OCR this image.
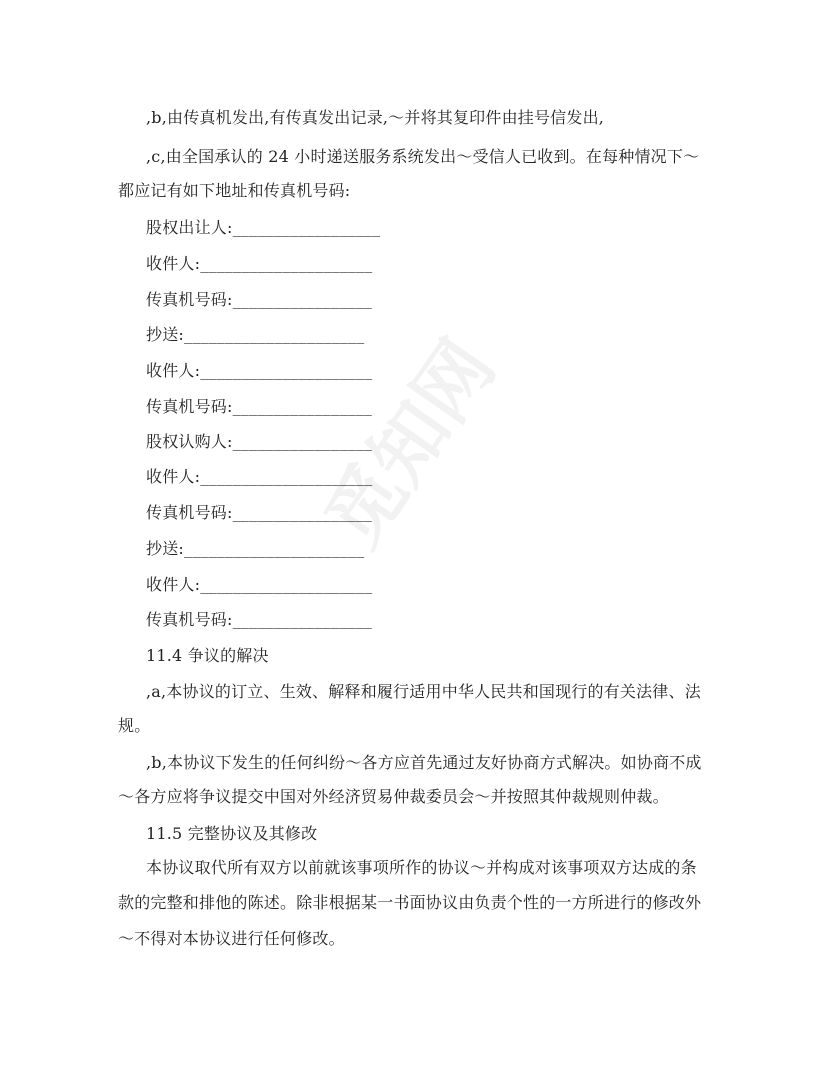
觅知网
,b,由传真机发出,有传真发出记录,～并将其复印件由挂号信发出,
,c,由全国承认的 24 小时递送服务系统发出～受信人已收到。在每种情况下～
都应记有如下地址和传真机号码:
股权出让人:__________________
收件人:_____________________
传真机号码:_________________
抄送:______________________
收件人:_____________________
传真机号码:_________________
股权认购人:_________________
收件人:_____________________
传真机号码:_________________
抄送:______________________
收件人:_____________________
传真机号码:_________________
11.4 争议的解决
,a,本协议的订立、生效、解释和履行适用中华人民共和国现行的有关法律、法
规。
,b,本协议下发生的任何纠纷～各方应首先通过友好协商方式解决。如协商不成
～各方应将争议提交中国对外经济贸易仲裁委员会～并按照其仲裁规则仲裁。
11.5 完整协议及其修改
本协议取代所有双方以前就该事项所作的协议～并构成对该事项双方达成的条
款的完整和排他的陈述。除非根据某一书面协议由负责个性的一方所进行的修改外
～不得对本协议进行任何修改。
